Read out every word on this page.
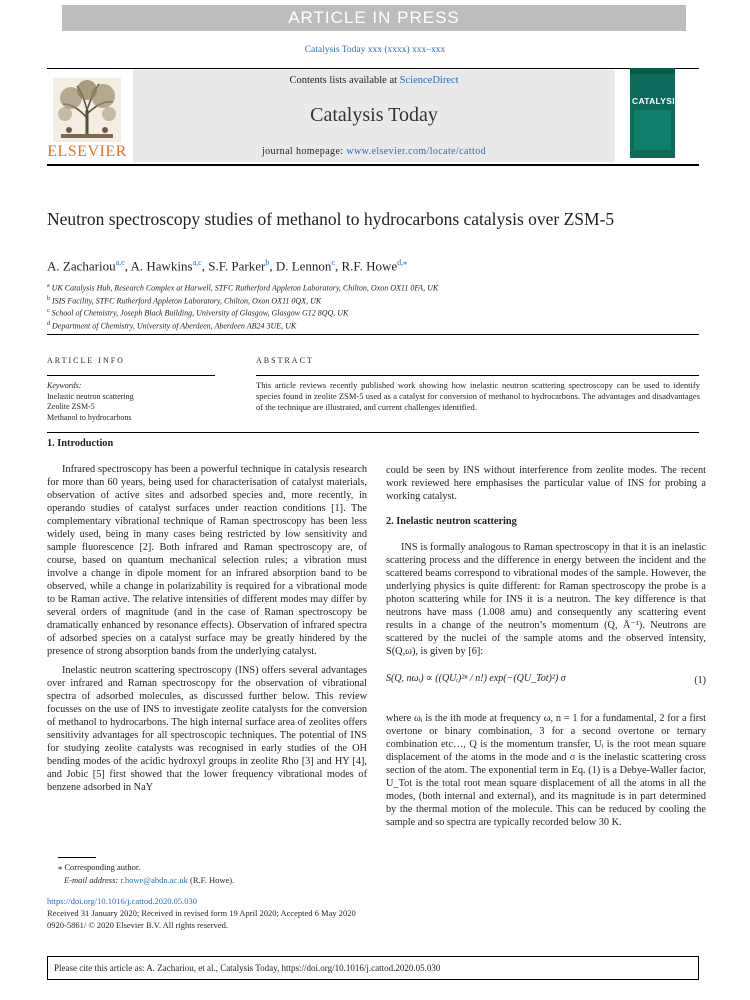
ARTICLE IN PRESS
Catalysis Today xxx (xxxx) xxx–xxx
ELSEVIER
Contents lists available at ScienceDirect
Catalysis Today
journal homepage: www.elsevier.com/locate/cattod
CATALYSIS
Neutron spectroscopy studies of methanol to hydrocarbons catalysis over ZSM-5
A. Zachariou$^{a,c}$, A. Hawkins$^{a,c}$, S.F. Parker$^b$, D. Lennon$^c$, R.F. Howe$^{d,⁎}$
$^a$ UK Catalysis Hub, Research Complex at Harwell, STFC Rutherford Appleton Laboratory, Chilton, Oxon OX11 0FA, UK
$^b$ ISIS Facility, STFC Rutherford Appleton Laboratory, Chilton, Oxon OX11 0QX, UK
$^c$ School of Chemistry, Joseph Black Building, University of Glasgow, Glasgow G12 8QQ, UK
$^d$ Department of Chemistry, University of Aberdeen, Aberdeen AB24 3UE, UK
ARTICLE INFO	ABSTRACT
Keywords:
Inelastic neutron scattering
Zeolite ZSM-5
Methanol to hydrocarbons
This article reviews recently published work showing how inelastic neutron scattering spectroscopy can be used to identify species found in zeolite ZSM-5 used as a catalyst for conversion of methanol to hydrocarbons. The advantages and disadvantages of the technique are illustrated, and current challenges identified.
1. Introduction
Infrared spectroscopy has been a powerful technique in catalysis research for more than 60 years, being used for characterisation of catalyst materials, observation of active sites and adsorbed species and, more recently, in operando studies of catalyst surfaces under reaction conditions [1]. The complementary vibrational technique of Raman spectroscopy has been less widely used, being in many cases being restricted by low sensitivity and sample fluorescence [2]. Both infrared and Raman spectroscopy are, of course, based on quantum mechanical selection rules; a vibration must involve a change in dipole moment for an infrared absorption band to be observed, while a change in polarizability is required for a vibrational mode to be Raman active. The relative intensities of different modes may differ by several orders of magnitude (and in the case of Raman spectroscopy be dramatically enhanced by resonance effects). Observation of infrared spectra of adsorbed species on a catalyst surface may be greatly hindered by the presence of strong absorption bands from the underlying catalyst.
Inelastic neutron scattering spectroscopy (INS) offers several advantages over infrared and Raman spectroscopy for the observation of vibrational spectra of adsorbed molecules, as discussed further below. This review focusses on the use of INS to investigate zeolite catalysts for the conversion of methanol to hydrocarbons. The high internal surface area of zeolites offers sensitivity advantages for all spectroscopic techniques. The potential of INS for studying zeolite catalysts was recognised in early studies of the OH bending modes of the acidic hydroxyl groups in zeolite Rho [3] and HY [4], and Jobic [5] first showed that the lower frequency vibrational modes of benzene adsorbed in NaY
could be seen by INS without interference from zeolite modes. The recent work reviewed here emphasises the particular value of INS for probing a working catalyst.
2. Inelastic neutron scattering
INS is formally analogous to Raman spectroscopy in that it is an inelastic scattering process and the difference in energy between the incident and the scattered beams correspond to vibrational modes of the sample. However, the underlying physics is quite different: for Raman spectroscopy the probe is a photon scattering while for INS it is a neutron. The key difference is that neutrons have mass (1.008 amu) and consequently any scattering event results in a change of the neutron’s momentum (Q, Å⁻¹). Neutrons are scattered by the nuclei of the sample atoms and the observed intensity, S(Q,ω), is given by [6]:
S(Q, nωᵢ) ∝ ((QUᵢ)²ⁿ / n!) exp(−(QU_Tot)²) σ	(1)
where ωᵢ is the ith mode at frequency ω, n = 1 for a fundamental, 2 for a first overtone or binary combination, 3 for a second overtone or ternary combination etc…, Q is the momentum transfer, Uᵢ is the root mean square displacement of the atoms in the mode and σ is the inelastic scattering cross section of the atom. The exponential term in Eq. (1) is a Debye-Waller factor, U_Tot is the total root mean square displacement of all the atoms in all the modes, (both internal and external), and its magnitude is in part determined by the thermal motion of the molecule. This can be reduced by cooling the sample and so spectra are typically recorded below 30 K.
⁎ Corresponding author.
E-mail address: r.howe@abdn.ac.uk (R.F. Howe).
https://doi.org/10.1016/j.cattod.2020.05.030
Received 31 January 2020; Received in revised form 19 April 2020; Accepted 6 May 2020
0920-5861/ © 2020 Elsevier B.V. All rights reserved.
Please cite this article as: A. Zachariou, et al., Catalysis Today, https://doi.org/10.1016/j.cattod.2020.05.030
